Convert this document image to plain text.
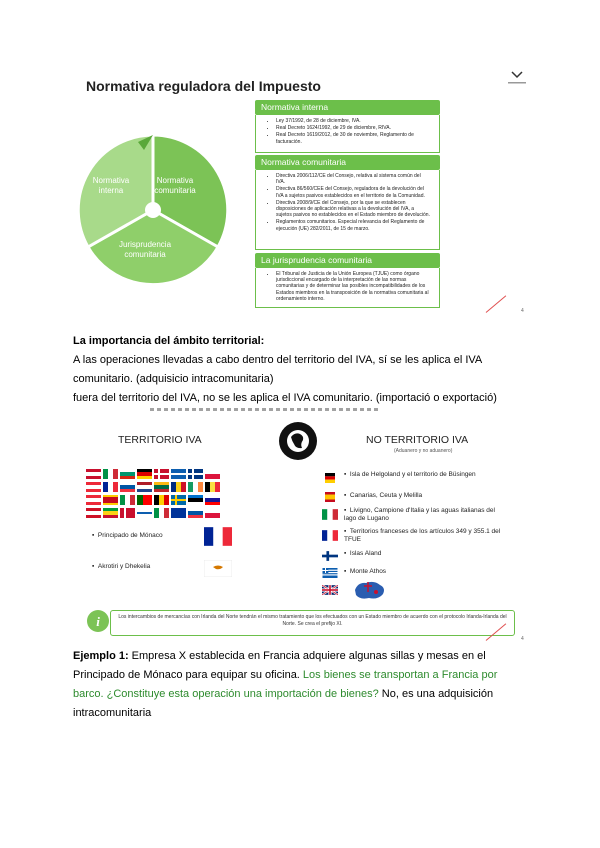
Normativa reguladora del Impuesto
Normativa interna
Normativa comunitaria
Jurisprudencia comunitaria
Normativa interna
• Ley 37/1992, de 28 de diciembre, IVA.
• Real Decreto 1624/1992, de 29 de diciembre, RIVA.
• Real Decreto 1619/2012, de 30 de noviembre, Reglamento de facturación.
Normativa comunitaria
• Directiva 2006/112/CE del Consejo, relativa al sistema común del IVA.
• Directiva 86/560/CEE del Consejo, reguladora de la devolución del IVA a sujetos pasivos establecidos en el territorio de la Comunidad.
• Directiva 2008/9/CE del Consejo, por la que se establecen disposiciones de aplicación relativas a la devolución del IVA, a sujetos pasivos no establecidos en el Estado miembro de devolución.
• Reglamentos comunitarios. Especial relevancia del Reglamento de ejecución (UE) 282/2011, de 15 de marzo.
La jurisprudencia comunitaria
• El Tribunal de Justicia de la Unión Europea (TJUE) como órgano jurisdiccional encargado de la interpretación de las normas comunitarias y de determinar las posibles incompatibilidades de los Estados miembros en la transposición de la normativa comunitaria al ordenamiento interno.
4
La importancia del ámbito territorial:
A las operaciones llevadas a cabo dentro del territorio del IVA, sí se les aplica el IVA
comunitario. (adquisicio intracomunitaria)
fuera del territorio del IVA, no se les aplica el IVA comunitario. (importació o exportació)
TERRITORIO IVA	NO TERRITORIO IVA
(Aduanero y no aduanero)
▪  Principado de Mónaco
▪  Akrotiri y Dhekelia
▪  Isla de Helgoland y el territorio de Büsingen
▪  Canarias, Ceuta y Melilla
▪  Livigno, Campione d'Italia y las aguas italianas del lago de Lugano
▪  Territorios franceses de los artículos 349 y 355.1 del TFUE
▪  Islas Aland
▪  Monte Athos
i	Los intercambios de mercancías con Irlanda del Norte tendrán el mismo tratamiento que los efectuados con un Estado miembro de acuerdo con el protocolo Irlanda-Irlanda del Norte. Se crea el prefijo XI.
4
Ejemplo 1: Empresa X establecida en Francia adquiere algunas sillas y mesas en el
Principado de Mónaco para equipar su oficina. Los bienes se transportan a Francia por
barco. ¿Constituye esta operación una importación de bienes? No, es una adquisición
intracomunitaria
